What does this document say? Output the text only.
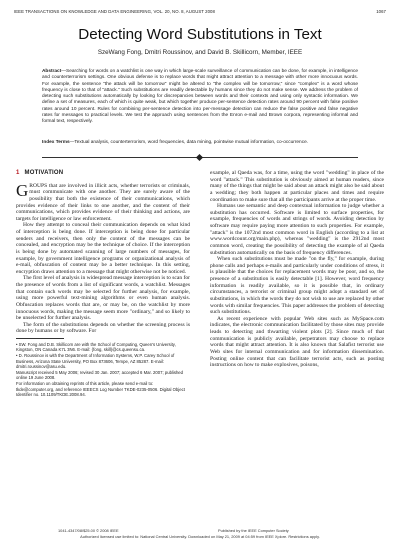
IEEE TRANSACTIONS ON KNOWLEDGE AND DATA ENGINEERING, VOL. 20, NO. 8, AUGUST 2008	1067
Detecting Word Substitutions in Text
SzeWang Fong, Dmitri Roussinov, and David B. Skillicorn, Member, IEEE
Abstract—Searching for words on a watchlist is one way in which large-scale surveillance of communication can be done, for example, in intelligence and counterterrorism settings. One obvious defense is to replace words that might attract attention to a message with other more innocuous words. For example, the sentence "the attack will be tomorrow" might be altered to "the complex will be tomorrow," since "complex" is a word whose frequency is close to that of "attack." Such substitutions are readily detectable by humans since they do not make sense. We address the problem of detecting such substitutions automatically by looking for discrepancies between words and their contexts and using only syntactic information. We define a set of measures, each of which is quite weak, but which together produce per-sentence detection rates around 90 percent with false positive rates around 10 percent. Rules for combining per-sentence detection into per-message detection can reduce the false positive and false negative rates for messages to practical levels. We test the approach using sentences from the Enron e-mail and Brown corpora, representing informal and formal text, respectively.
Index Terms—Textual analysis, counterterrorism, word frequencies, data mining, pointwise mutual information, co-occurrence.
1 MOTIVATION

GROUPS that are involved in illicit acts, whether terrorists or criminals, must communicate with one another. They are surely aware of the possibility that both the existence of their communications, which provides evidence of their links to one another, and the content of their communications, which provides evidence of their thinking and actions, are targets for intelligence or law enforcement.

How they attempt to conceal their communication depends on what kind of interception is being done. If interception is being done for particular senders and receivers, then only the content of the messages can be concealed, and encryption may be the technique of choice. If the interception is being done by automated scanning of large numbers of messages, for example, by government intelligence programs or organizational analysis of e-mail, obfuscation of content may be a better technique. In this setting, encryption draws attention to a message that might otherwise not be noticed.

The first level of analysis in widespread message interception is to scan for the presence of words from a list of significant words, a watchlist. Messages that contain such words may be selected for further analysis, for example, using more powerful text-mining algorithms or even human analysis. Obfuscation replaces words that are, or may be, on the watchlist by more innocuous words, making the message seem more "ordinary," and so likely to be unselected for further analysis.

The form of the substitutions depends on whether the screening process is done by humans or by software. For

• SW. Fong and D.B. Skillicorn are with the School of Computing, Queen's University, Kingston, ON Canada K7L 3N6. E-mail: {fong, skill}@cs.queensu.ca.
• D. Roussinov is with the Department of Information Systems, W.P. Carey School of Business, Arizona State University, PO Box 873606, Tempe, AZ 85287. E-mail: dmitri.roussinov@asu.edu.
Manuscript received 5 May 2006; revised 30 Jan. 2007; accepted 6 Mar. 2007; published online 19 June 2008.
For information on obtaining reprints of this article, please send e-mail to: tkde@computer.org, and reference IEEECS Log Number TKDE-0235-0506. Digital Object Identifier no. 10.1109/TKDE.2008.94.

example, al Qaeda was, for a time, using the word "wedding" in place of the word "attack." This substitution is obviously aimed at human readers, since many of the things that might be said about an attack might also be said about a wedding; they both happen at particular places and times and require coordination to make sure that all the participants arrive at the proper time.

Humans use semantic and deep contextual information to judge whether a substitution has occurred. Software is limited to surface properties, for example, frequencies of words and strings of words. Avoiding detection by software may require paying more attention to such properties. For example, "attack" is the 1072nd most common word in English (according to a list at www.wordcount.org/main.php), whereas "wedding" is the 2912nd most common word, creating the possibility of detecting the example of al Qaeda substitution automatically on the basis of frequency differences.

When such substitutions must be made "on the fly," for example, during phone calls and perhaps e-mails and particularly under conditions of stress, it is plausible that the choices for replacement words may be poor, and so, the presence of a substitution is easily detectable [1]. However, word frequency information is readily available, so it is possible that, in ordinary circumstances, a terrorist or criminal group might adopt a standard set of substitutions, in which the words they do not wish to use are replaced by other words with similar frequencies. This paper addresses the problem of detecting such substitutions.

As recent experience with popular Web sites such as MySpace.com indicates, the electronic communication facilitated by those sites may provide leads to detecting and thwarting violent plots [2]. Since much of that communication is publicly available, perpetrators may choose to replace words that might attract attention. It is also known that Salafist terrorist use Web sites for internal communication and for information dissemination. Posting online content that can facilitate terrorist acts, such as posting instructions on how to make explosives, poisons,

1041-4347/08/$25.00 © 2008 IEEE	Published by the IEEE Computer Society
Authorized licensed use limited to: National Central University. Downloaded on May 21, 2009 at 04:59 from IEEE Xplore. Restrictions apply.
